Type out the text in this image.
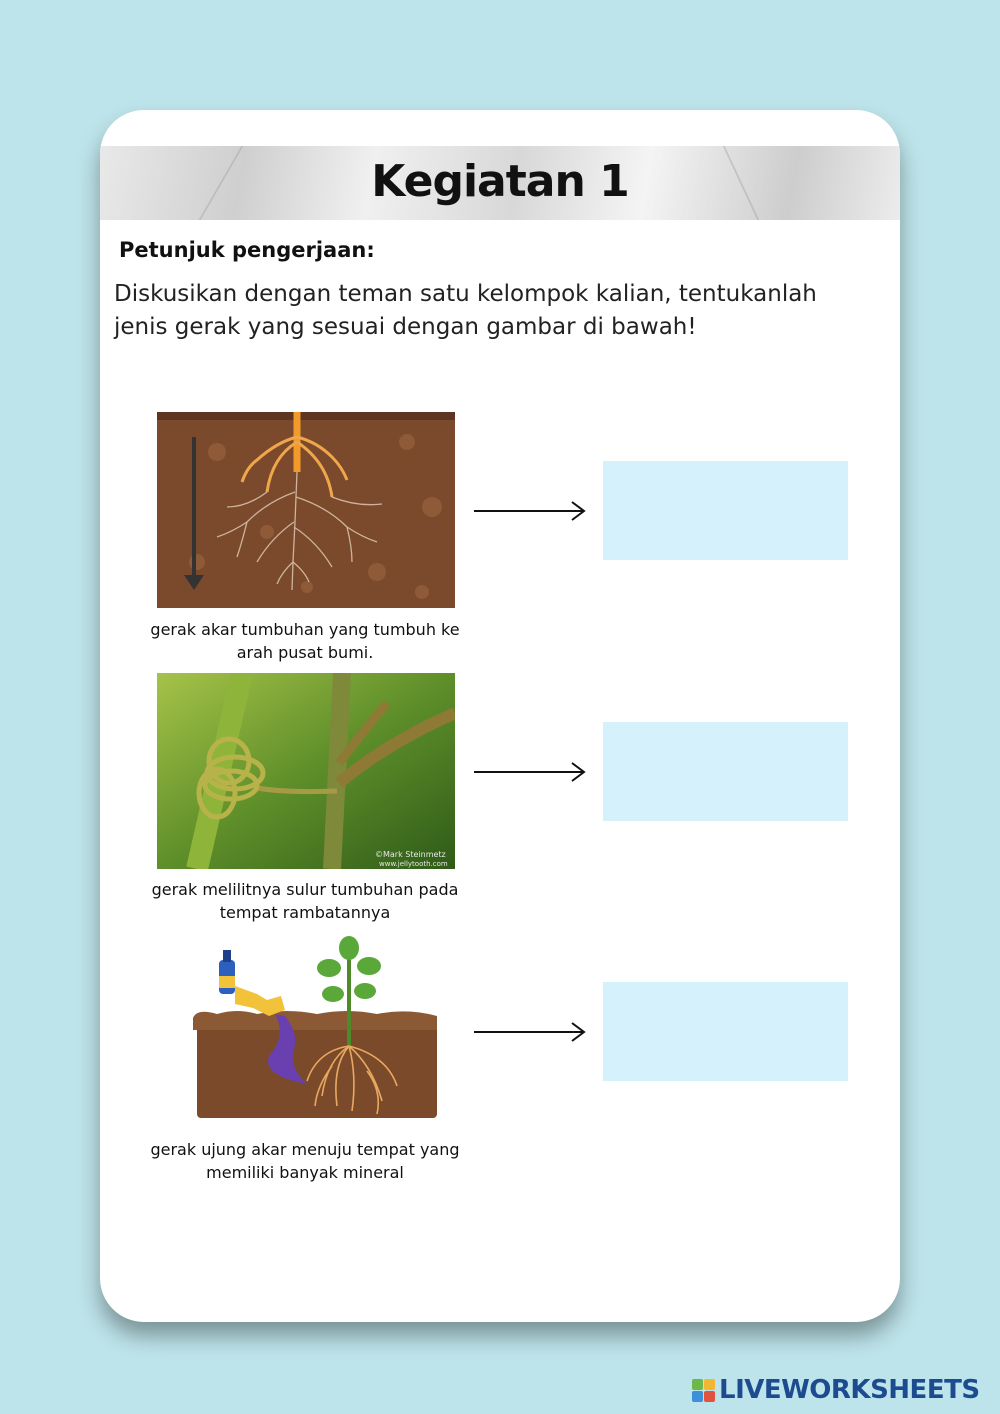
Kegiatan 1
Petunjuk pengerjaan:
Diskusikan dengan teman satu kelompok kalian, tentukanlah jenis gerak yang sesuai dengan gambar di bawah!
gerak akar tumbuhan yang tumbuh ke arah pusat bumi.
©Mark Steinmetz
www.jellytooth.com
gerak melilitnya sulur tumbuhan pada tempat rambatannya
gerak ujung akar menuju tempat yang memiliki banyak mineral
LIVEWORKSHEETS
